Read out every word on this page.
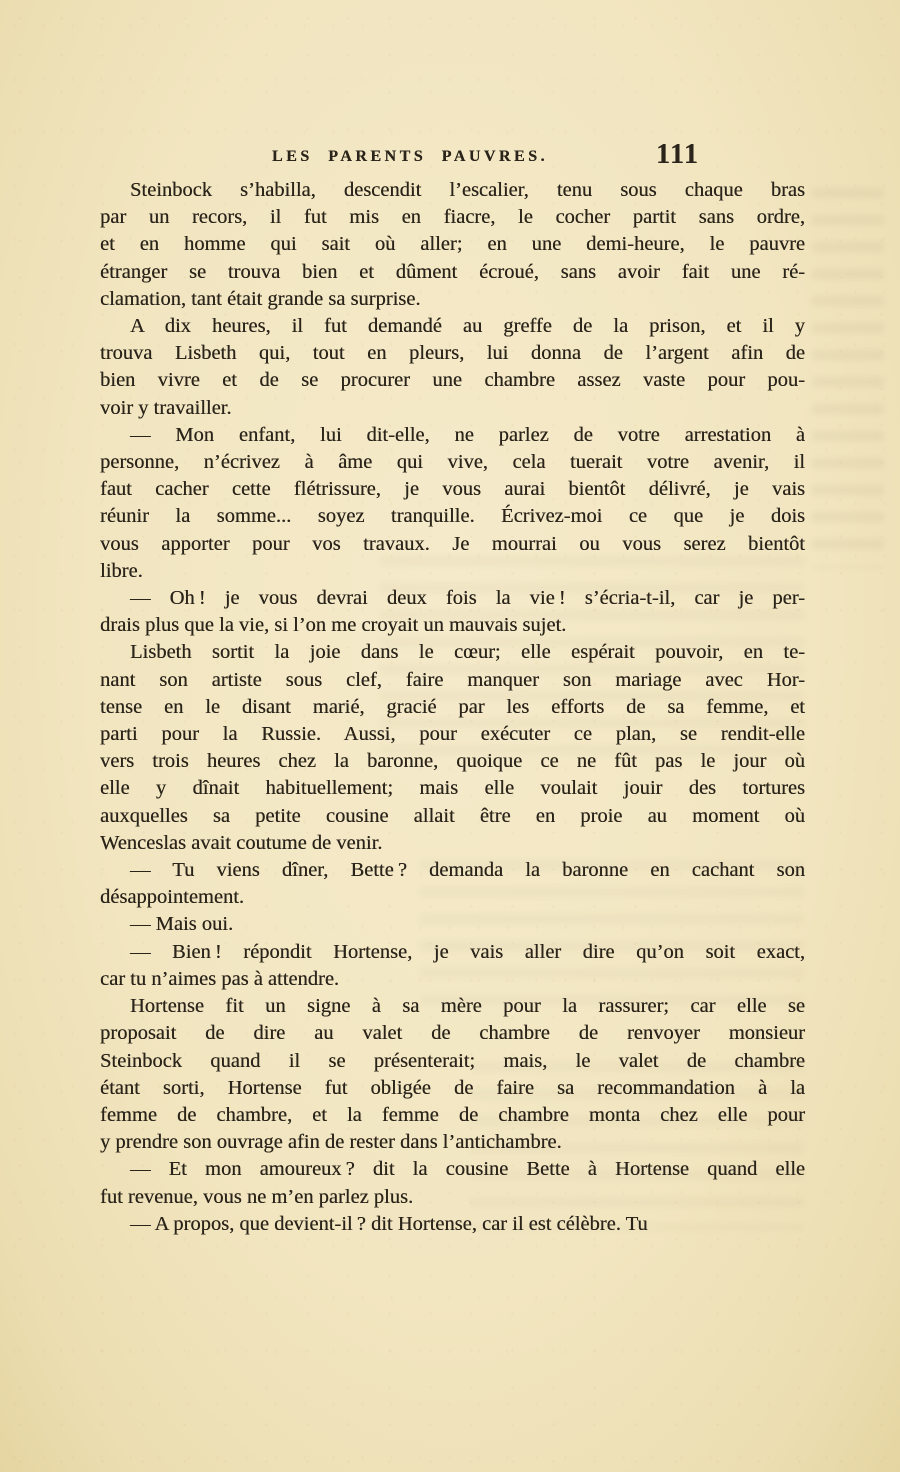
LES PARENTS PAUVRES.	111
Steinbock s’habilla, descendit l’escalier, tenu sous chaque bras
par un recors, il fut mis en fiacre, le cocher partit sans ordre,
et en homme qui sait où aller; en une demi-heure, le pauvre
étranger se trouva bien et dûment écroué, sans avoir fait une ré-
clamation, tant était grande sa surprise.
A dix heures, il fut demandé au greffe de la prison, et il y
trouva Lisbeth qui, tout en pleurs, lui donna de l’argent afin de
bien vivre et de se procurer une chambre assez vaste pour pou-
voir y travailler.
— Mon enfant, lui dit-elle, ne parlez de votre arrestation à
personne, n’écrivez à âme qui vive, cela tuerait votre avenir, il
faut cacher cette flétrissure, je vous aurai bientôt délivré, je vais
réunir la somme... soyez tranquille. Écrivez-moi ce que je dois
vous apporter pour vos travaux. Je mourrai ou vous serez bientôt
libre.
— Oh ! je vous devrai deux fois la vie ! s’écria-t-il, car je per-
drais plus que la vie, si l’on me croyait un mauvais sujet.
Lisbeth sortit la joie dans le cœur; elle espérait pouvoir, en te-
nant son artiste sous clef, faire manquer son mariage avec Hor-
tense en le disant marié, gracié par les efforts de sa femme, et
parti pour la Russie. Aussi, pour exécuter ce plan, se rendit-elle
vers trois heures chez la baronne, quoique ce ne fût pas le jour où
elle y dînait habituellement; mais elle voulait jouir des tortures
auxquelles sa petite cousine allait être en proie au moment où
Wenceslas avait coutume de venir.
— Tu viens dîner, Bette ? demanda la baronne en cachant son
désappointement.
— Mais oui.
— Bien ! répondit Hortense, je vais aller dire qu’on soit exact,
car tu n’aimes pas à attendre.
Hortense fit un signe à sa mère pour la rassurer; car elle se
proposait de dire au valet de chambre de renvoyer monsieur
Steinbock quand il se présenterait; mais, le valet de chambre
étant sorti, Hortense fut obligée de faire sa recommandation à la
femme de chambre, et la femme de chambre monta chez elle pour
y prendre son ouvrage afin de rester dans l’antichambre.
— Et mon amoureux ? dit la cousine Bette à Hortense quand elle
fut revenue, vous ne m’en parlez plus.
— A propos, que devient-il ? dit Hortense, car il est célèbre. Tu
